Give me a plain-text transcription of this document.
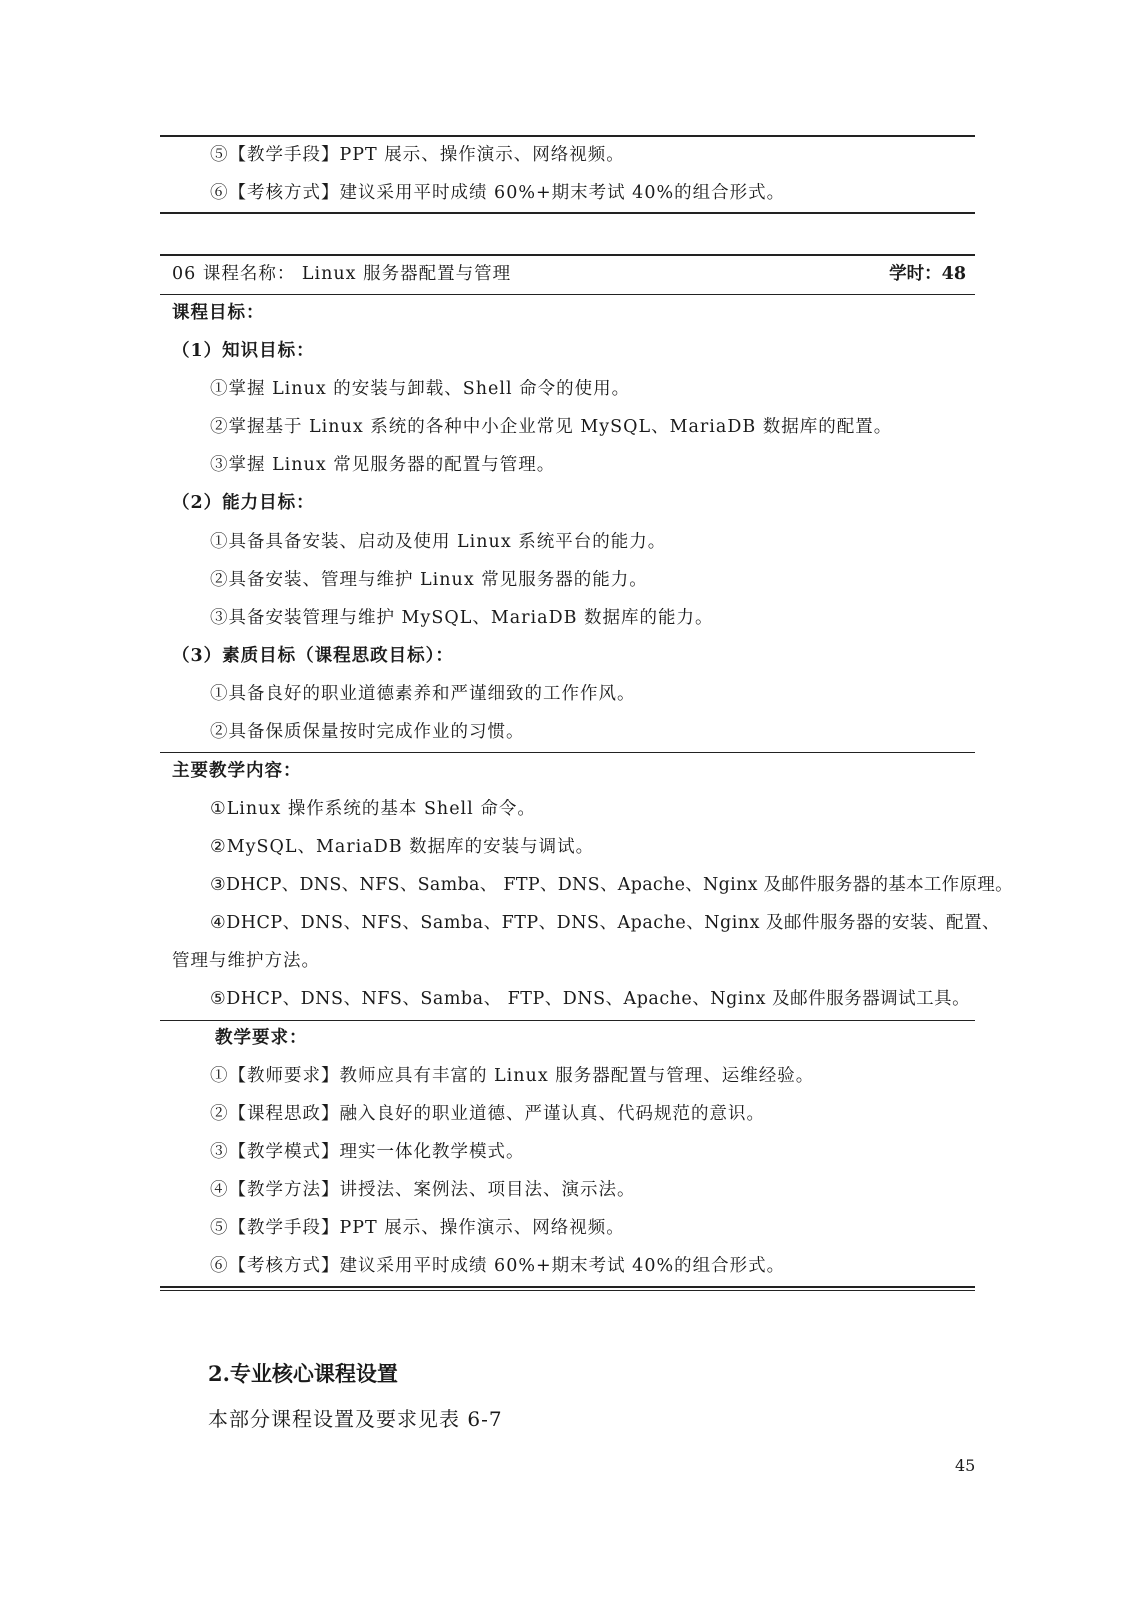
⑤【教学手段】PPT 展示、操作演示、网络视频。
⑥【考核方式】建议采用平时成绩 60%+期末考试 40%的组合形式。
06 课程名称： Linux 服务器配置与管理	学时：48
课程目标：
（1）知识目标：
①掌握 Linux 的安装与卸载、Shell 命令的使用。
②掌握基于 Linux 系统的各种中小企业常见 MySQL、MariaDB 数据库的配置。
③掌握 Linux 常见服务器的配置与管理。
（2）能力目标：
①具备具备安装、启动及使用 Linux 系统平台的能力。
②具备安装、管理与维护 Linux 常见服务器的能力。
③具备安装管理与维护 MySQL、MariaDB 数据库的能力。
（3）素质目标（课程思政目标）：
①具备良好的职业道德素养和严谨细致的工作作风。
②具备保质保量按时完成作业的习惯。
主要教学内容：
①Linux 操作系统的基本 Shell 命令。
②MySQL、MariaDB 数据库的安装与调试。
③DHCP、DNS、NFS、Samba、 FTP、DNS、Apache、Nginx 及邮件服务器的基本工作原理。
④DHCP、DNS、NFS、Samba、FTP、DNS、Apache、Nginx 及邮件服务器的安装、配置、
管理与维护方法。
⑤DHCP、DNS、NFS、Samba、 FTP、DNS、Apache、Nginx 及邮件服务器调试工具。
教学要求：
①【教师要求】教师应具有丰富的 Linux 服务器配置与管理、运维经验。
②【课程思政】融入良好的职业道德、严谨认真、代码规范的意识。
③【教学模式】理实一体化教学模式。
④【教学方法】讲授法、案例法、项目法、演示法。
⑤【教学手段】PPT 展示、操作演示、网络视频。
⑥【考核方式】建议采用平时成绩 60%+期末考试 40%的组合形式。
2.专业核心课程设置
本部分课程设置及要求见表 6-7
45
